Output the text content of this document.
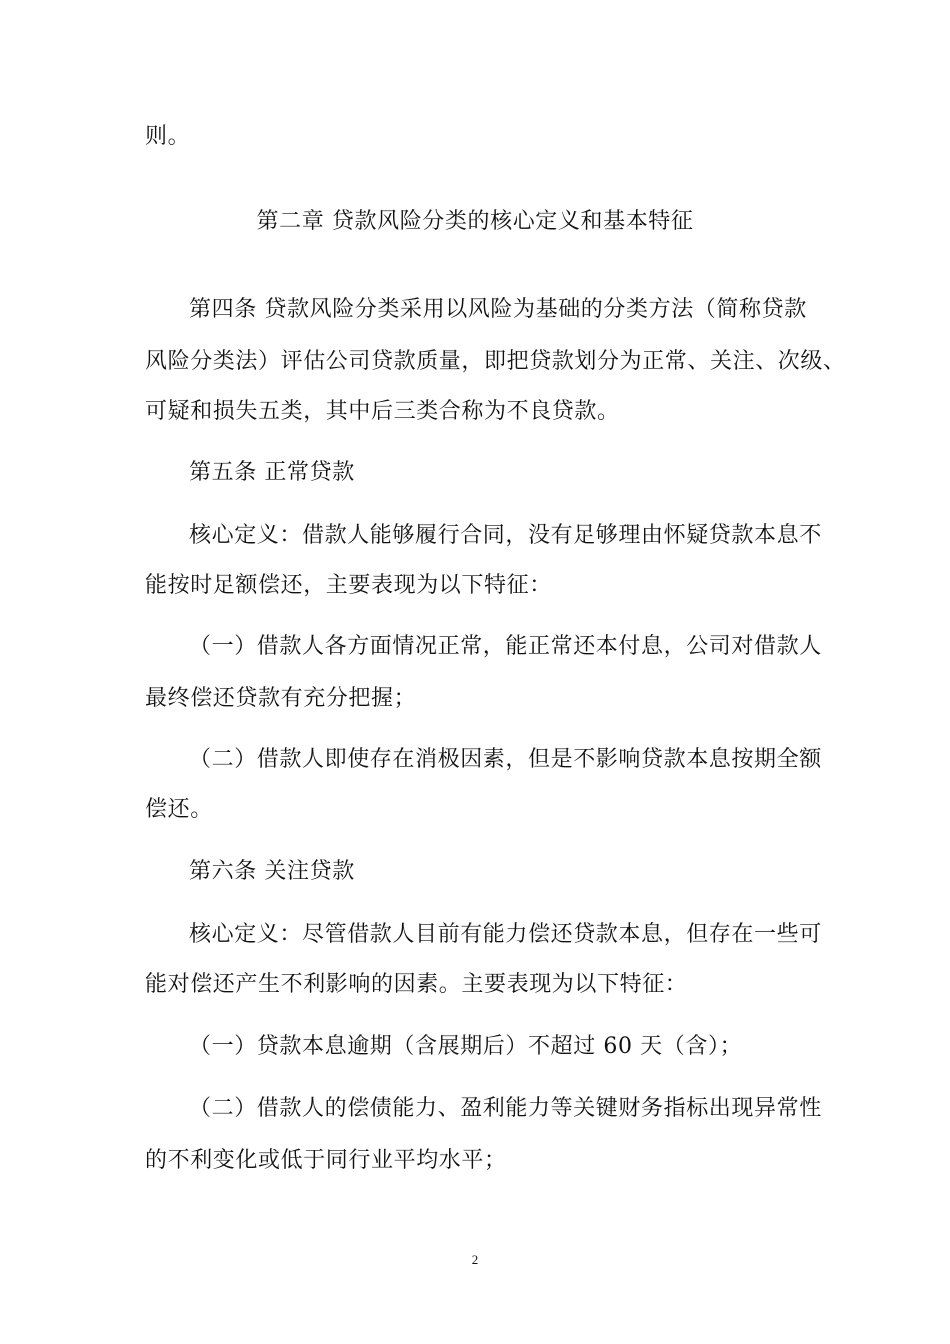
则。
第二章 贷款风险分类的核心定义和基本特征
第四条 贷款风险分类采用以风险为基础的分类方法（简称贷款
风险分类法）评估公司贷款质量，即把贷款划分为正常、关注、次级、
可疑和损失五类，其中后三类合称为不良贷款。
第五条 正常贷款
核心定义：借款人能够履行合同，没有足够理由怀疑贷款本息不
能按时足额偿还，主要表现为以下特征：
（一）借款人各方面情况正常，能正常还本付息，公司对借款人
最终偿还贷款有充分把握；
（二）借款人即使存在消极因素，但是不影响贷款本息按期全额
偿还。
第六条 关注贷款
核心定义：尽管借款人目前有能力偿还贷款本息，但存在一些可
能对偿还产生不利影响的因素。主要表现为以下特征：
（一）贷款本息逾期（含展期后）不超过 60 天（含）；
（二）借款人的偿债能力、盈利能力等关键财务指标出现异常性
的不利变化或低于同行业平均水平；
2
